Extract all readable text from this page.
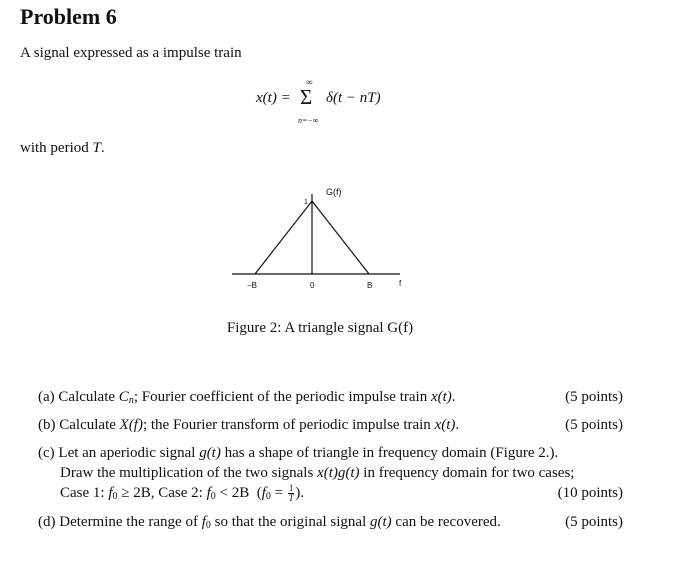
Problem 6
A signal expressed as a impulse train
x(t) =
∞
Σ
n=−∞
δ(t − nT)
with period T.
G(f)
1
−B	0	B	f
Figure 2: A triangle signal G(f)
(a) Calculate $C_n$; Fourier coefficient of the periodic impulse train x(t).	(5 points)
(b) Calculate X(f); the Fourier transform of periodic impulse train x(t).	(5 points)
(c) Let an aperiodic signal g(t) has a shape of triangle in frequency domain (Figure 2.).
Draw the multiplication of the two signals x(t)g(t) in frequency domain for two cases;
Case 1: $f_0 \ge 2B$, Case 2: $f_0 < 2B$ ($f_0 = \frac{1}{T}$ ).	(10 points)
(d) Determine the range of $f_0$ so that the original signal g(t) can be recovered.	(5 points)
